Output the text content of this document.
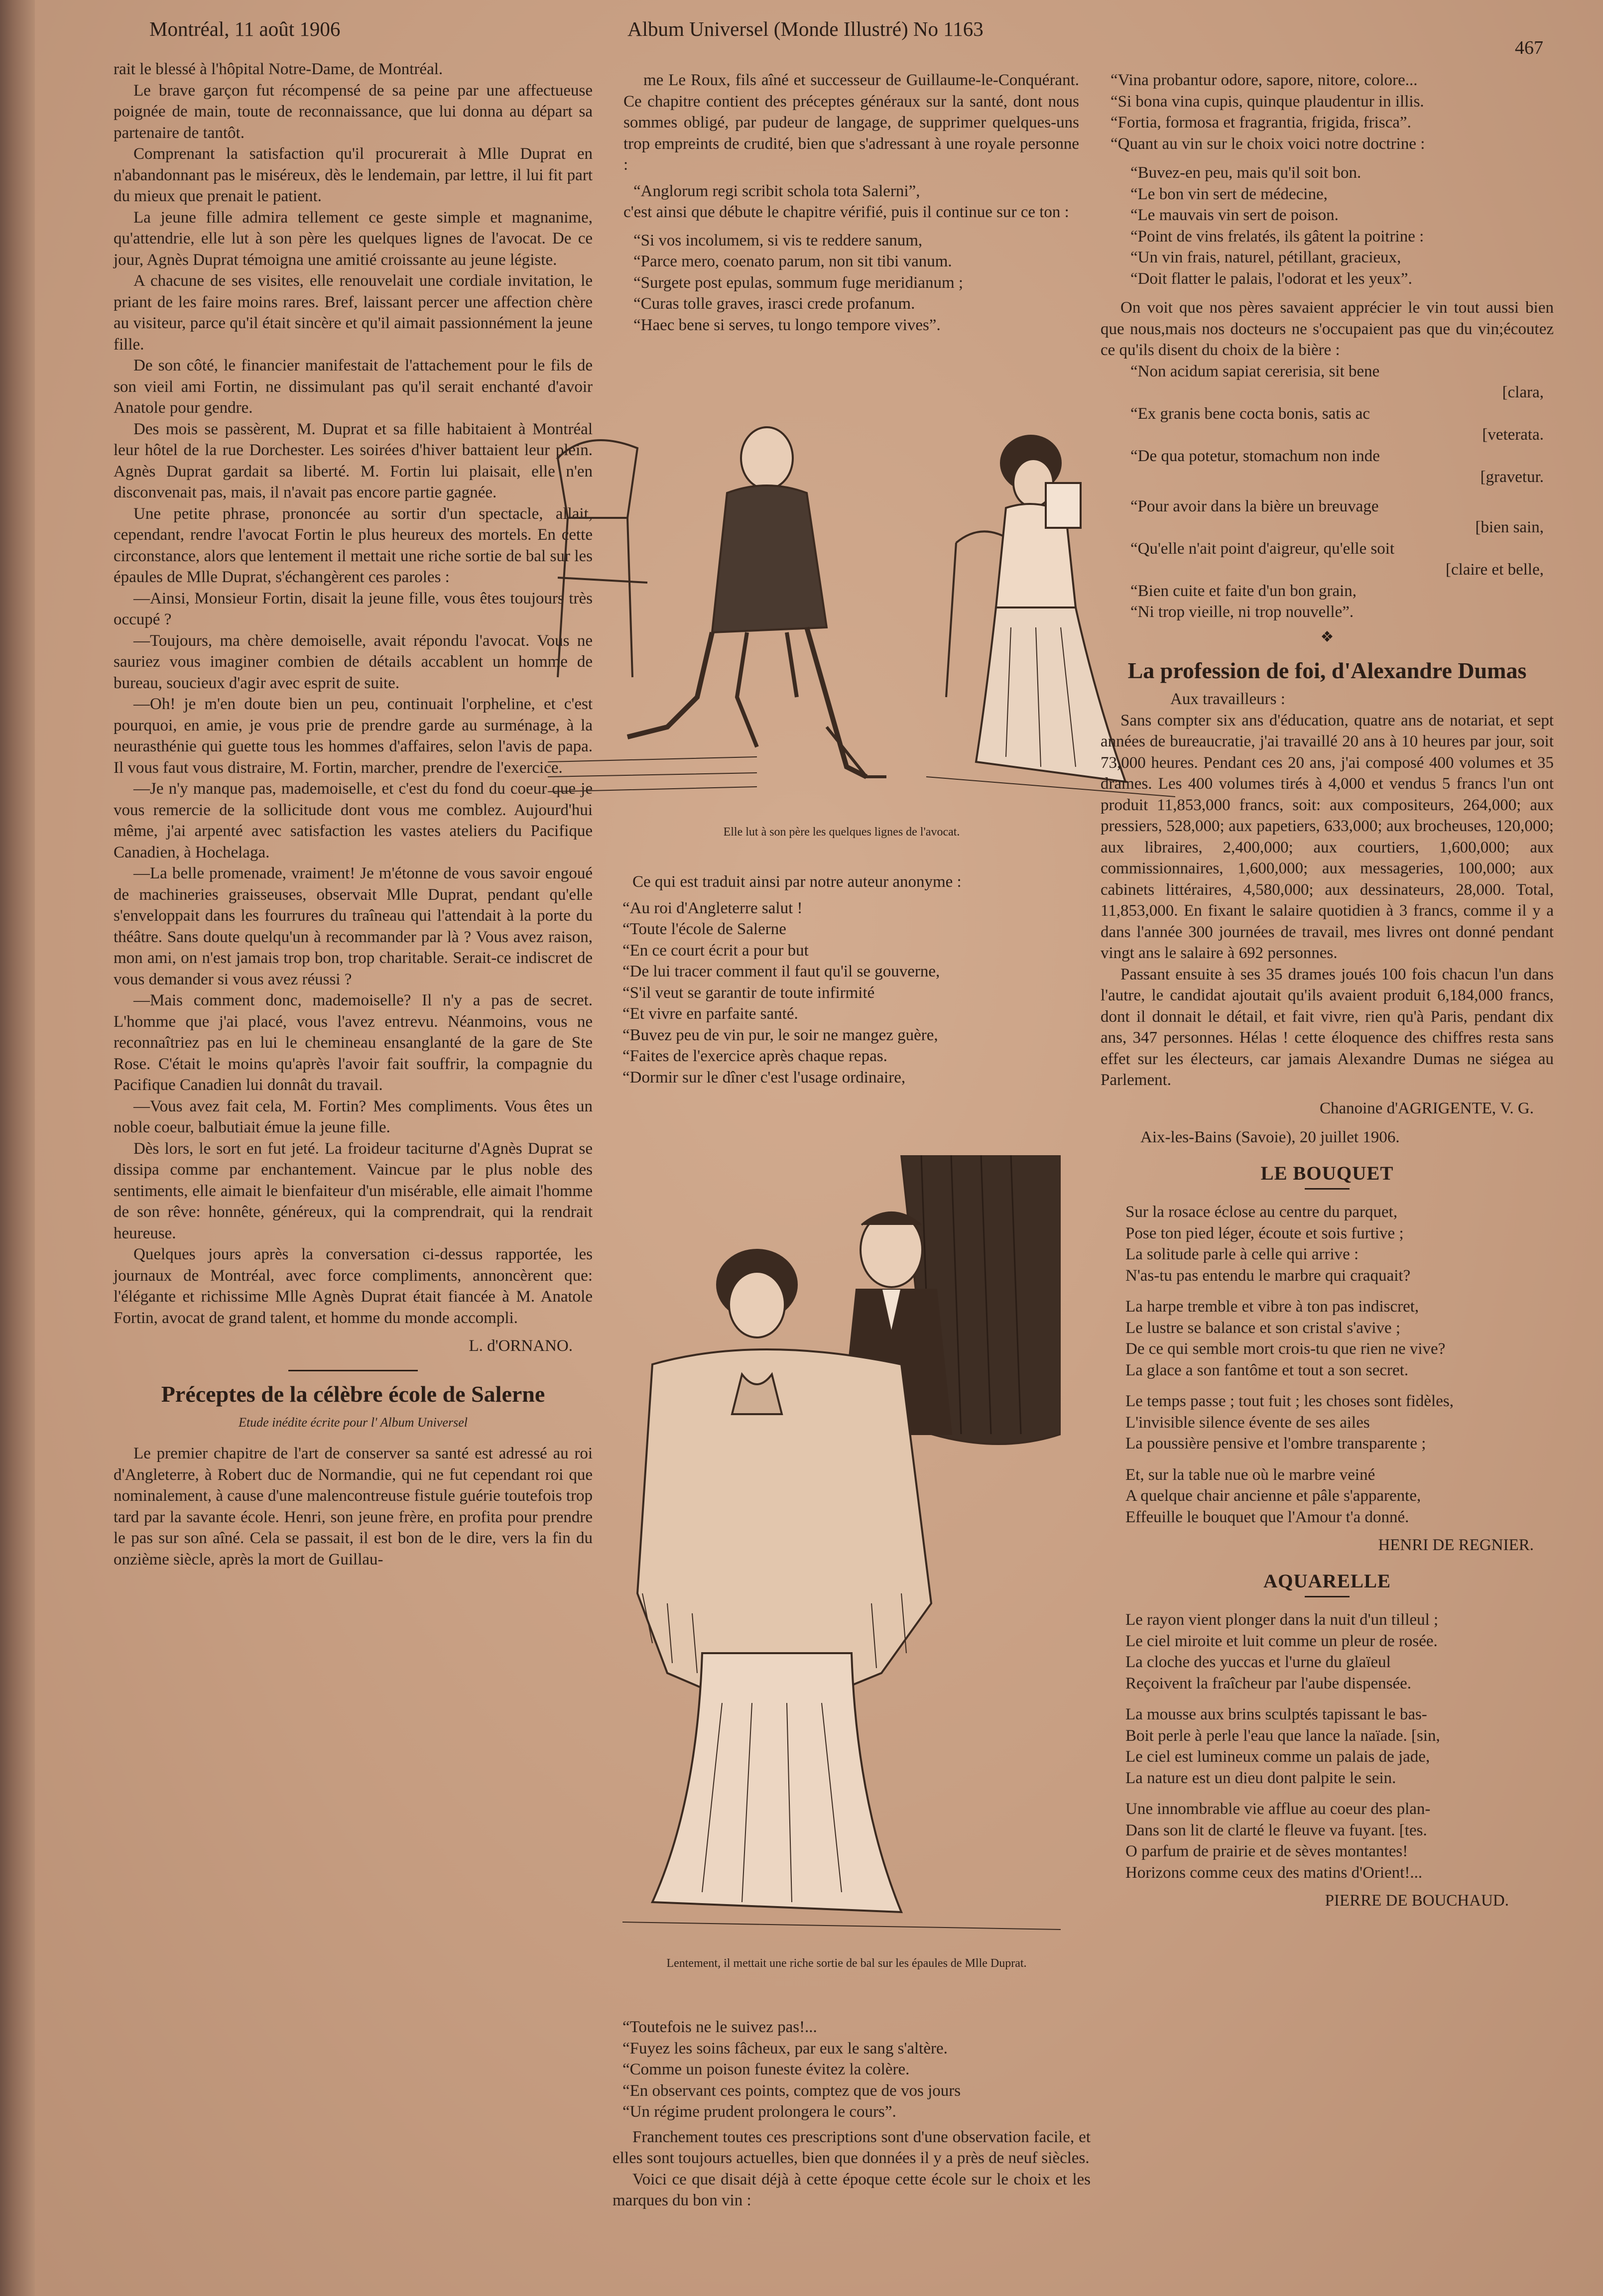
Montréal, 11 août 1906	Album Universel (Monde Illustré) No 1163
467

rait le blessé à l'hôpital Notre-Dame, de Montréal.

Le brave garçon fut récompensé de sa peine par une affectueuse poignée de main, toute de reconnaissance, que lui donna au départ sa partenaire de tantôt.

Comprenant la satisfaction qu'il procurerait à Mlle Duprat en n'abandonnant pas le miséreux, dès le lendemain, par lettre, il lui fit part du mieux que prenait le patient.

La jeune fille admira tellement ce geste simple et magnanime, qu'attendrie, elle lut à son père les quelques lignes de l'avocat. De ce jour, Agnès Duprat témoigna une amitié croissante au jeune légiste.

A chacune de ses visites, elle renouvelait une cordiale invitation, le priant de les faire moins rares. Bref, laissant percer une affection chère au visiteur, parce qu'il était sincère et qu'il aimait passionnément la jeune fille.

De son côté, le financier manifestait de l'attachement pour le fils de son vieil ami Fortin, ne dissimulant pas qu'il serait enchanté d'avoir Anatole pour gendre.

Des mois se passèrent, M. Duprat et sa fille habitaient à Montréal leur hôtel de la rue Dorchester. Les soirées d'hiver battaient leur plein. Agnès Duprat gardait sa liberté. M. Fortin lui plaisait, elle n'en disconvenait pas, mais, il n'avait pas encore partie gagnée.

Une petite phrase, prononcée au sortir d'un spectacle, allait, cependant, rendre l'avocat Fortin le plus heureux des mortels. En cette circonstance, alors que lentement il mettait une riche sortie de bal sur les épaules de Mlle Duprat, s'échangèrent ces paroles :

—Ainsi, Monsieur Fortin, disait la jeune fille, vous êtes toujours très occupé ?

—Toujours, ma chère demoiselle, avait répondu l'avocat. Vous ne sauriez vous imaginer combien de détails accablent un homme de bureau, soucieux d'agir avec esprit de suite.

—Oh! je m'en doute bien un peu, continuait l'orpheline, et c'est pourquoi, en amie, je vous prie de prendre garde au surménage, à la neurasthénie qui guette tous les hommes d'affaires, selon l'avis de papa. Il vous faut vous distraire, M. Fortin, marcher, prendre de l'exercice.

—Je n'y manque pas, mademoiselle, et c'est du fond du coeur que je vous remercie de la sollicitude dont vous me comblez. Aujourd'hui même, j'ai arpenté avec satisfaction les vastes ateliers du Pacifique Canadien, à Hochelaga.

—La belle promenade, vraiment! Je m'étonne de vous savoir engoué de machineries graisseuses, observait Mlle Duprat, pendant qu'elle s'enveloppait dans les fourrures du traîneau qui l'attendait à la porte du théâtre. Sans doute quelqu'un à recommander par là ? Vous avez raison, mon ami, on n'est jamais trop bon, trop charitable. Serait-ce indiscret de vous demander si vous avez réussi ?

—Mais comment donc, mademoiselle? Il n'y a pas de secret. L'homme que j'ai placé, vous l'avez entrevu. Néanmoins, vous ne reconnaîtriez pas en lui le chemineau ensanglanté de la gare de Ste Rose. C'était le moins qu'après l'avoir fait souffrir, la compagnie du Pacifique Canadien lui donnât du travail.

—Vous avez fait cela, M. Fortin? Mes compliments. Vous êtes un noble coeur, balbutiait émue la jeune fille.

Dès lors, le sort en fut jeté. La froideur taciturne d'Agnès Duprat se dissipa comme par enchantement. Vaincue par le plus noble des sentiments, elle aimait le bienfaiteur d'un misérable, elle aimait l'homme de son rêve: honnête, généreux, qui la comprendrait, qui la rendrait heureuse.

Quelques jours après la conversation ci-dessus rapportée, les journaux de Montréal, avec force compliments, annoncèrent que: l'élégante et richissime Mlle Agnès Duprat était fiancée à M. Anatole Fortin, avocat de grand talent, et homme du monde accompli.

L. d'ORNANO.

Préceptes de la célèbre école de Salerne
Etude inédite écrite pour l' Album Universel

Le premier chapitre de l'art de conserver sa santé est adressé au roi d'Angleterre, à Robert duc de Normandie, qui ne fut cependant roi que nominalement, à cause d'une malencontreuse fistule guérie toutefois trop tard par la savante école. Henri, son jeune frère, en profita pour prendre le pas sur son aîné. Cela se passait, il est bon de le dire, vers la fin du onzième siècle, après la mort de Guillau-

me Le Roux, fils aîné et successeur de Guillaume-le-Conquérant. Ce chapitre contient des préceptes généraux sur la santé, dont nous sommes obligé, par pudeur de langage, de supprimer quelques-uns trop empreints de crudité, bien que s'adressant à une royale personne :

“Anglorum regi scribit schola tota Salerni”,

c'est ainsi que débute le chapitre vérifié, puis il continue sur ce ton :

“Si vos incolumem, si vis te reddere sanum,

“Parce mero, coenato parum, non sit tibi vanum.

“Surgete post epulas, sommum fuge meridianum ;

“Curas tolle graves, irasci crede profanum.

“Haec bene si serves, tu longo tempore vives”.

Elle lut à son père les quelques lignes de l'avocat.

Ce qui est traduit ainsi par notre auteur anonyme :

“Au roi d'Angleterre salut !

“Toute l'école de Salerne

“En ce court écrit a pour but

“De lui tracer comment il faut qu'il se gouverne,

“S'il veut se garantir de toute infirmité

“Et vivre en parfaite santé.

“Buvez peu de vin pur, le soir ne mangez guère,

“Faites de l'exercice après chaque repas.

“Dormir sur le dîner c'est l'usage ordinaire,

Lentement, il mettait une riche sortie de bal sur les épaules de Mlle Duprat.

“Toutefois ne le suivez pas!...

“Fuyez les soins fâcheux, par eux le sang s'altère.

“Comme un poison funeste évitez la colère.

“En observant ces points, comptez que de vos jours

“Un régime prudent prolongera le cours”.

Franchement toutes ces prescriptions sont d'une observation facile, et elles sont toujours actuelles, bien que données il y a près de neuf siècles.

Voici ce que disait déjà à cette époque cette école sur le choix et les marques du bon vin :

“Vina probantur odore, sapore, nitore, colore...

“Si bona vina cupis, quinque plaudentur in illis.

“Fortia, formosa et fragrantia, frigida, frisca”.

“Quant au vin sur le choix voici notre doctrine :

“Buvez-en peu, mais qu'il soit bon.

“Le bon vin sert de médecine,

“Le mauvais vin sert de poison.

“Point de vins frelatés, ils gâtent la poitrine :

“Un vin frais, naturel, pétillant, gracieux,

“Doit flatter le palais, l'odorat et les yeux”.

On voit que nos pères savaient apprécier le vin tout aussi bien que nous,mais nos docteurs ne s'occupaient pas que du vin;écoutez ce qu'ils disent du choix de la bière :

“Non acidum sapiat cererisia, sit bene

[clara,

“Ex granis bene cocta bonis, satis ac

[veterata.

“De qua potetur, stomachum non inde

[gravetur.

“Pour avoir dans la bière un breuvage

[bien sain,

“Qu'elle n'ait point d'aigreur, qu'elle soit

[claire et belle,

“Bien cuite et faite d'un bon grain,

“Ni trop vieille, ni trop nouvelle”.

❖
La profession de foi, d'Alexandre Dumas

Aux travailleurs :

Sans compter six ans d'éducation, quatre ans de notariat, et sept années de bureaucratie, j'ai travaillé 20 ans à 10 heures par jour, soit 73,000 heures. Pendant ces 20 ans, j'ai composé 400 volumes et 35 drames. Les 400 volumes tirés à 4,000 et vendus 5 francs l'un ont produit 11,853,000 francs, soit: aux compositeurs, 264,000; aux pressiers, 528,000; aux papetiers, 633,000; aux brocheuses, 120,000; aux libraires, 2,400,000; aux courtiers, 1,600,000; aux commissionnaires, 1,600,000; aux messageries, 100,000; aux cabinets littéraires, 4,580,000; aux dessinateurs, 28,000. Total, 11,853,000. En fixant le salaire quotidien à 3 francs, comme il y a dans l'année 300 journées de travail, mes livres ont donné pendant vingt ans le salaire à 692 personnes.

Passant ensuite à ses 35 drames joués 100 fois chacun l'un dans l'autre, le candidat ajoutait qu'ils avaient produit 6,184,000 francs, dont il donnait le détail, et fait vivre, rien qu'à Paris, pendant dix ans, 347 personnes. Hélas ! cette éloquence des chiffres resta sans effet sur les électeurs, car jamais Alexandre Dumas ne siégea au Parlement.

Chanoine d'AGRIGENTE, V. G.

Aix-les-Bains (Savoie), 20 juillet 1906.

LE BOUQUET

Sur la rosace éclose au centre du parquet,

Pose ton pied léger, écoute et sois furtive ;

La solitude parle à celle qui arrive :

N'as-tu pas entendu le marbre qui craquait?

La harpe tremble et vibre à ton pas indiscret,

Le lustre se balance et son cristal s'avive ;

De ce qui semble mort crois-tu que rien ne vive?

La glace a son fantôme et tout a son secret.

Le temps passe ; tout fuit ; les choses sont fidèles,

L'invisible silence évente de ses ailes

La poussière pensive et l'ombre transparente ;

Et, sur la table nue où le marbre veiné

A quelque chair ancienne et pâle s'apparente,

Effeuille le bouquet que l'Amour t'a donné.

HENRI DE REGNIER.

AQUARELLE

Le rayon vient plonger dans la nuit d'un tilleul ;

Le ciel miroite et luit comme un pleur de rosée.

La cloche des yuccas et l'urne du glaïeul

Reçoivent la fraîcheur par l'aube dispensée.

La mousse aux brins sculptés tapissant le bas-

Boit perle à perle l'eau que lance la naïade. [sin,

Le ciel est lumineux comme un palais de jade,

La nature est un dieu dont palpite le sein.

Une innombrable vie afflue au coeur des plan-

Dans son lit de clarté le fleuve va fuyant. [tes.

O parfum de prairie et de sèves montantes!

Horizons comme ceux des matins d'Orient!...

PIERRE DE BOUCHAUD.
